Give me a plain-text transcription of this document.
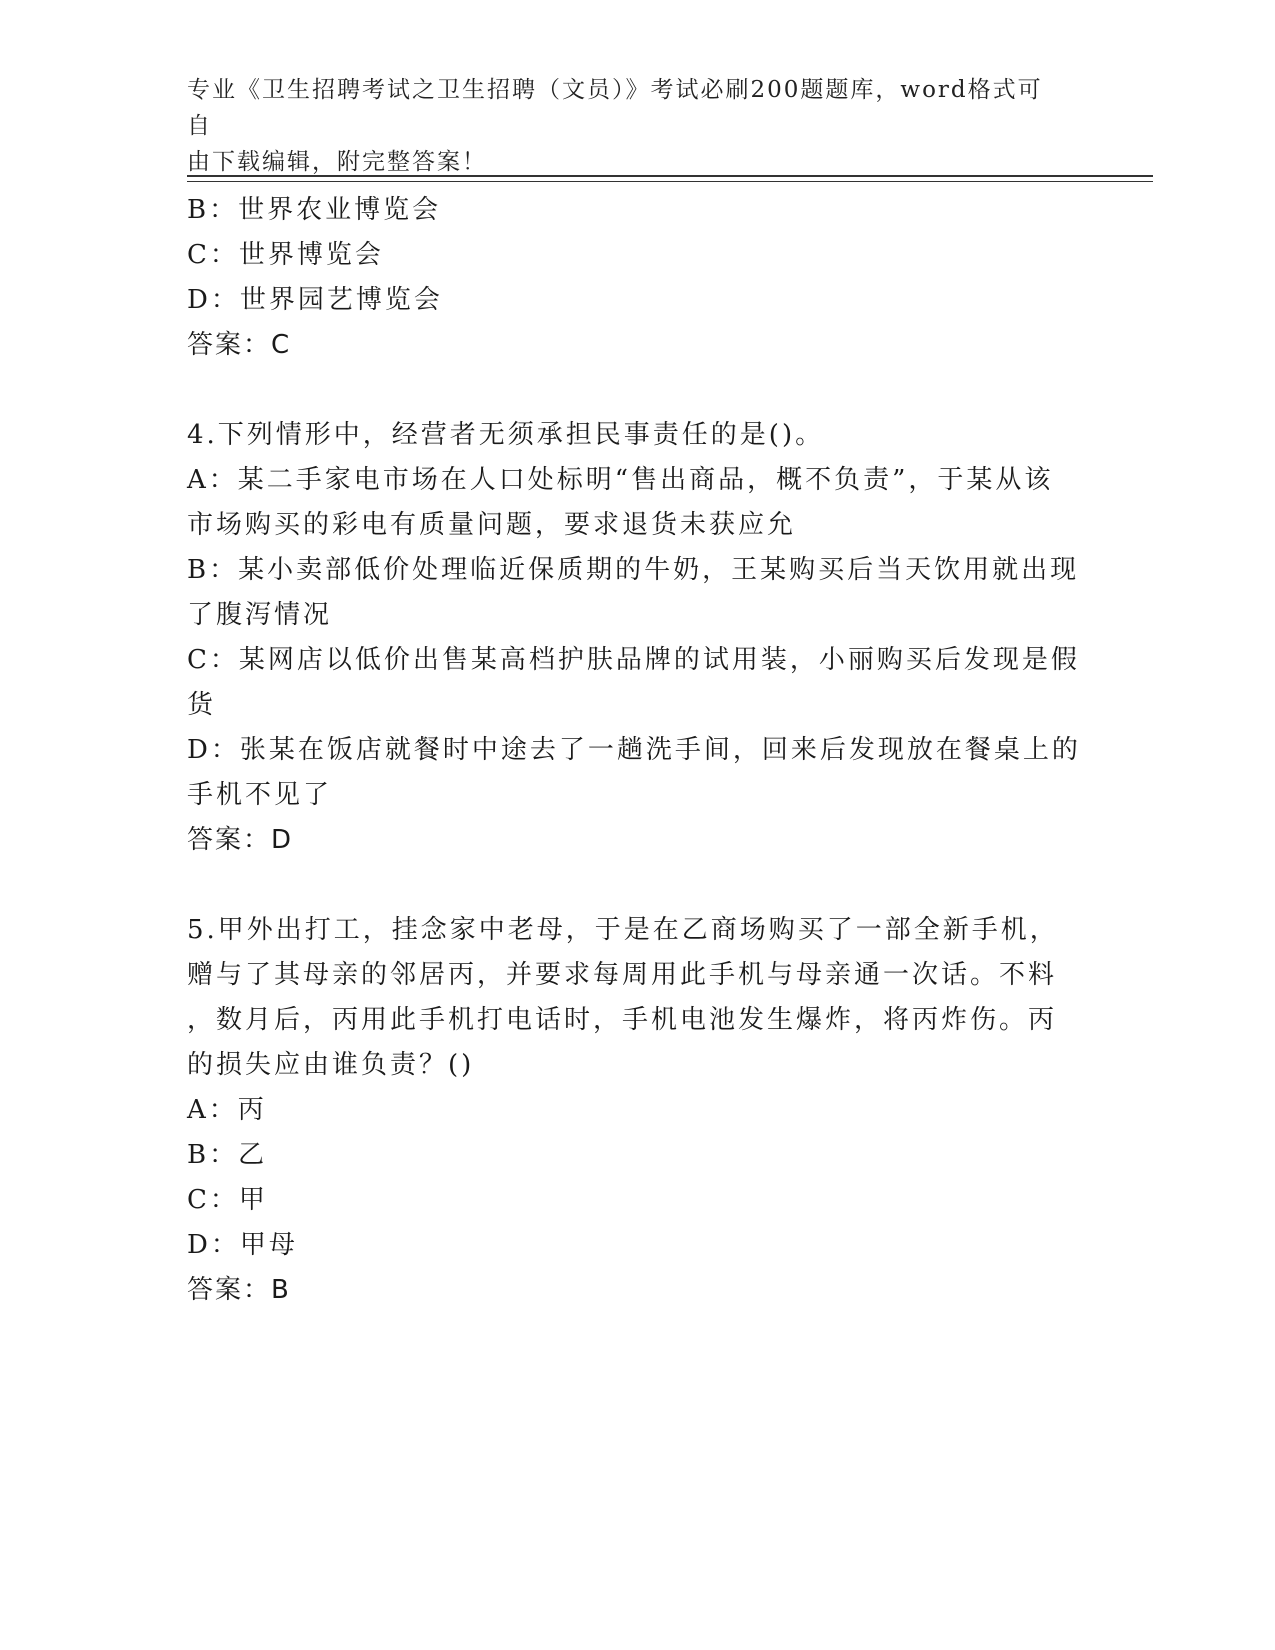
专业《卫生招聘考试之卫生招聘（文员）》考试必刷200题题库，word格式可自
由下载编辑，附完整答案！
B：世界农业博览会
C：世界博览会
D：世界园艺博览会
答案：C
4.下列情形中，经营者无须承担民事责任的是()。
A：某二手家电市场在人口处标明“售出商品，概不负责”，于某从该
市场购买的彩电有质量问题，要求退货未获应允
B：某小卖部低价处理临近保质期的牛奶，王某购买后当天饮用就出现
了腹泻情况
C：某网店以低价出售某高档护肤品牌的试用装，小丽购买后发现是假
货
D：张某在饭店就餐时中途去了一趟洗手间，回来后发现放在餐桌上的
手机不见了
答案：D
5.甲外出打工，挂念家中老母，于是在乙商场购买了一部全新手机，
赠与了其母亲的邻居丙，并要求每周用此手机与母亲通一次话。不料
，数月后，丙用此手机打电话时，手机电池发生爆炸，将丙炸伤。丙
的损失应由谁负责？()
A：丙
B：乙
C：甲
D：甲母
答案：B
